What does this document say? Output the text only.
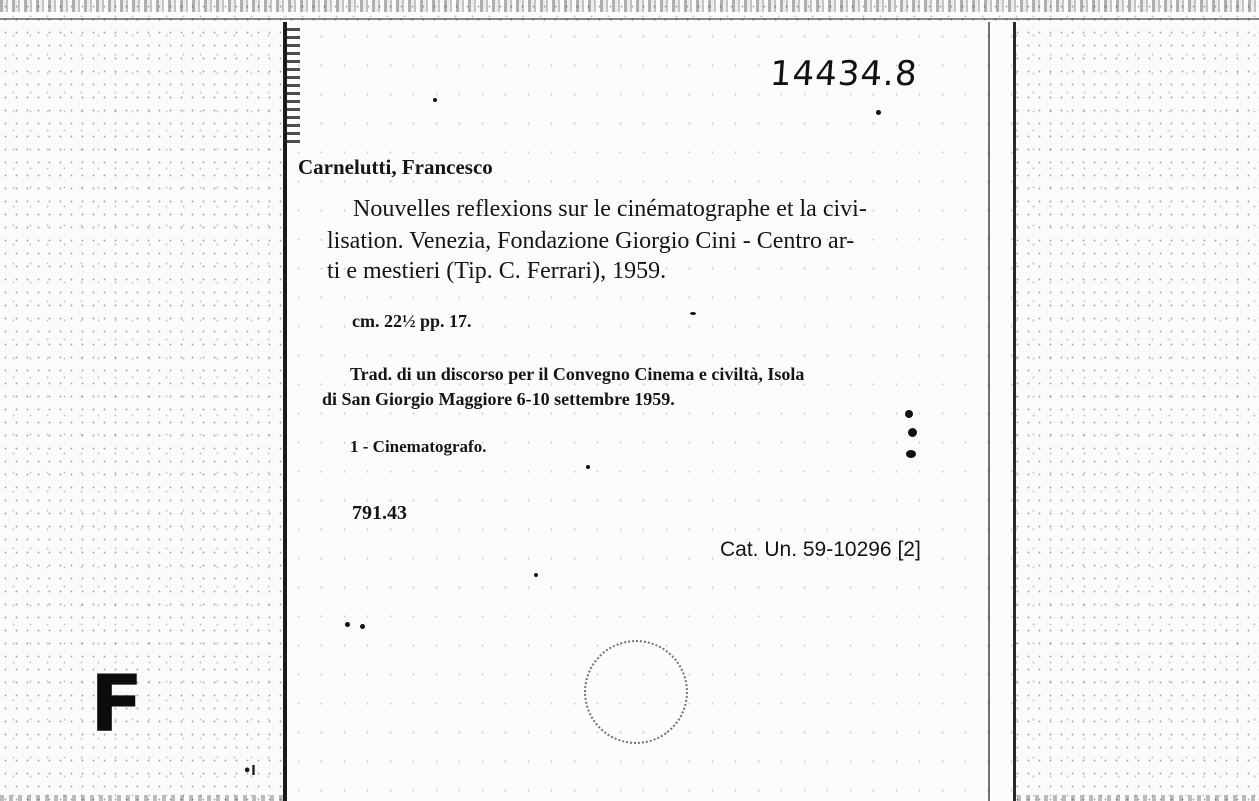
F
•l
14434.8
Carnelutti, Francesco
Nouvelles reflexions sur le cinématographe et la civi-
lisation. Venezia, Fondazione Giorgio Cini - Centro ar-
ti e mestieri (Tip. C. Ferrari), 1959.
cm. 22½ pp. 17.
Trad. di un discorso per il Convegno Cinema e civiltà, Isola
di San Giorgio Maggiore 6-10 settembre 1959.
1 - Cinematografo.
791.43
Cat. Un. 59-10296 [2]
